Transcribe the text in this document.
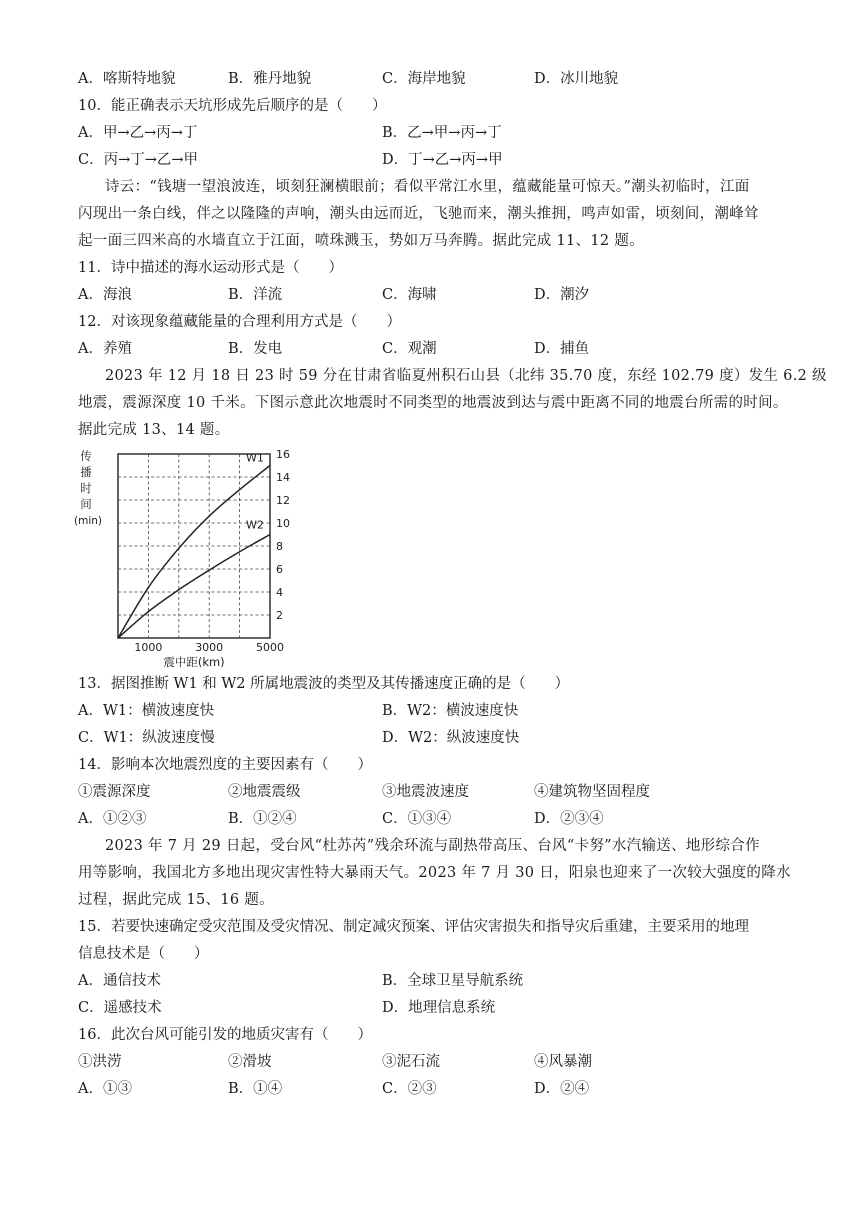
A．喀斯特地貌	B．雅丹地貌	C．海岸地貌	D．冰川地貌
10．能正确表示天坑形成先后顺序的是（　　）
A．甲→乙→丙→丁	B．乙→甲→丙→丁
C．丙→丁→乙→甲	D．丁→乙→丙→甲
诗云：“钱塘一望浪波连，顷刻狂澜横眼前；看似平常江水里，蕴藏能量可惊天。”潮头初临时，江面
闪现出一条白线，伴之以隆隆的声响，潮头由远而近，飞驰而来，潮头推拥，鸣声如雷，顷刻间，潮峰耸
起一面三四米高的水墙直立于江面，喷珠溅玉，势如万马奔腾。据此完成 11、12 题。
11．诗中描述的海水运动形式是（　　）
A．海浪	B．洋流	C．海啸	D．潮汐
12．对该现象蕴藏能量的合理利用方式是（　　）
A．养殖	B．发电	C．观潮	D．捕鱼
2023 年 12 月 18 日 23 时 59 分在甘肃省临夏州积石山县（北纬 35.70 度，东经 102.79 度）发生 6.2 级
地震，震源深度 10 千米。下图示意此次地震时不同类型的地震波到达与震中距离不同的地震台所需的时间。
据此完成 13、14 题。
传
播
时
间
(min)
2
4
6
8
10
12
14
16
1000	3000	5000
W1
W2
震中距(km)
13．据图推断 W1 和 W2 所属地震波的类型及其传播速度正确的是（　　）
A．W1：横波速度快	B．W2：横波速度快
C．W1：纵波速度慢	D．W2：纵波速度快
14．影响本次地震烈度的主要因素有（　　）
①震源深度	②地震震级	③地震波速度	④建筑物坚固程度
A．①②③	B．①②④	C．①③④	D．②③④
2023 年 7 月 29 日起，受台风“杜苏芮”残余环流与副热带高压、台风“卡努”水汽输送、地形综合作
用等影响，我国北方多地出现灾害性特大暴雨天气。2023 年 7 月 30 日，阳泉也迎来了一次较大强度的降水
过程，据此完成 15、16 题。
15．若要快速确定受灾范围及受灾情况、制定减灾预案、评估灾害损失和指导灾后重建，主要采用的地理
信息技术是（　　）
A．通信技术	B．全球卫星导航系统
C．遥感技术	D．地理信息系统
16．此次台风可能引发的地质灾害有（　　）
①洪涝	②滑坡	③泥石流	④风暴潮
A．①③	B．①④	C．②③	D．②④
